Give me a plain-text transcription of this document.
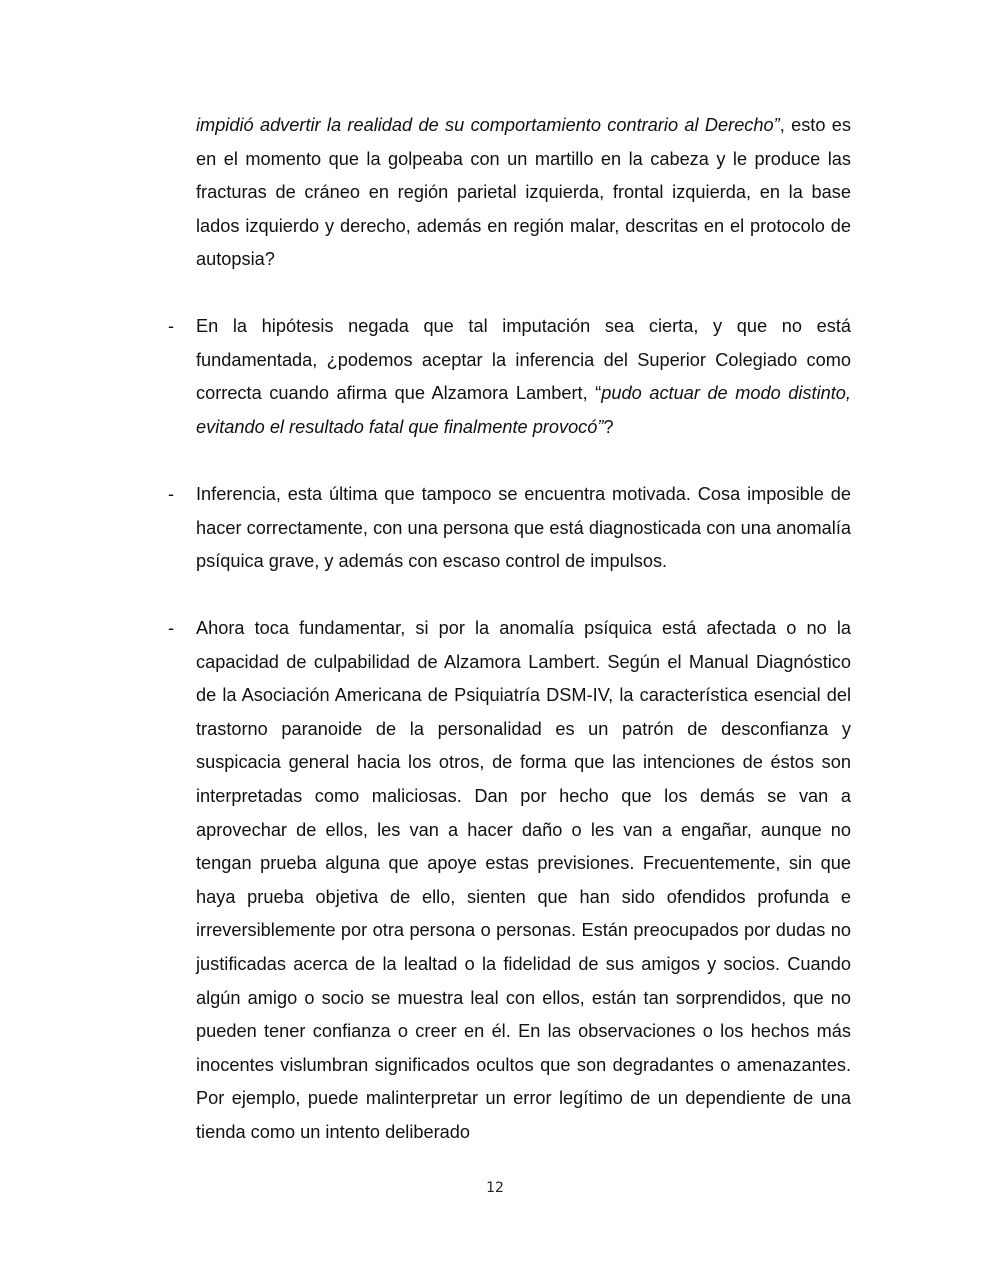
impidió advertir la realidad de su comportamiento contrario al Derecho”, esto es en el momento que la golpeaba con un martillo en la cabeza y le produce las fracturas de cráneo en región parietal izquierda, frontal izquierda, en la base lados izquierdo y derecho, además en región malar, descritas en el protocolo de autopsia?

- En la hipótesis negada que tal imputación sea cierta, y que no está fundamentada, ¿podemos aceptar la inferencia del Superior Colegiado como correcta cuando afirma que Alzamora Lambert, “pudo actuar de modo distinto, evitando el resultado fatal que finalmente provocó”?

- Inferencia, esta última que tampoco se encuentra motivada. Cosa imposible de hacer correctamente, con una persona que está diagnosticada con una anomalía psíquica grave, y además con escaso control de impulsos.

- Ahora toca fundamentar, si por la anomalía psíquica está afectada o no la capacidad de culpabilidad de Alzamora Lambert. Según el Manual Diagnóstico de la Asociación Americana de Psiquiatría DSM-IV, la característica esencial del trastorno paranoide de la personalidad es un patrón de desconfianza y suspicacia general hacia los otros, de forma que las intenciones de éstos son interpretadas como maliciosas. Dan por hecho que los demás se van a aprovechar de ellos, les van a hacer daño o les van a engañar, aunque no tengan prueba alguna que apoye estas previsiones. Frecuentemente, sin que haya prueba objetiva de ello, sienten que han sido ofendidos profunda e irreversiblemente por otra persona o personas. Están preocupados por dudas no justificadas acerca de la lealtad o la fidelidad de sus amigos y socios. Cuando algún amigo o socio se muestra leal con ellos, están tan sorprendidos, que no pueden tener confianza o creer en él. En las observaciones o los hechos más inocentes vislumbran significados ocultos que son degradantes o amenazantes. Por ejemplo, puede malinterpretar un error legítimo de un dependiente de una tienda como un intento deliberado

12
